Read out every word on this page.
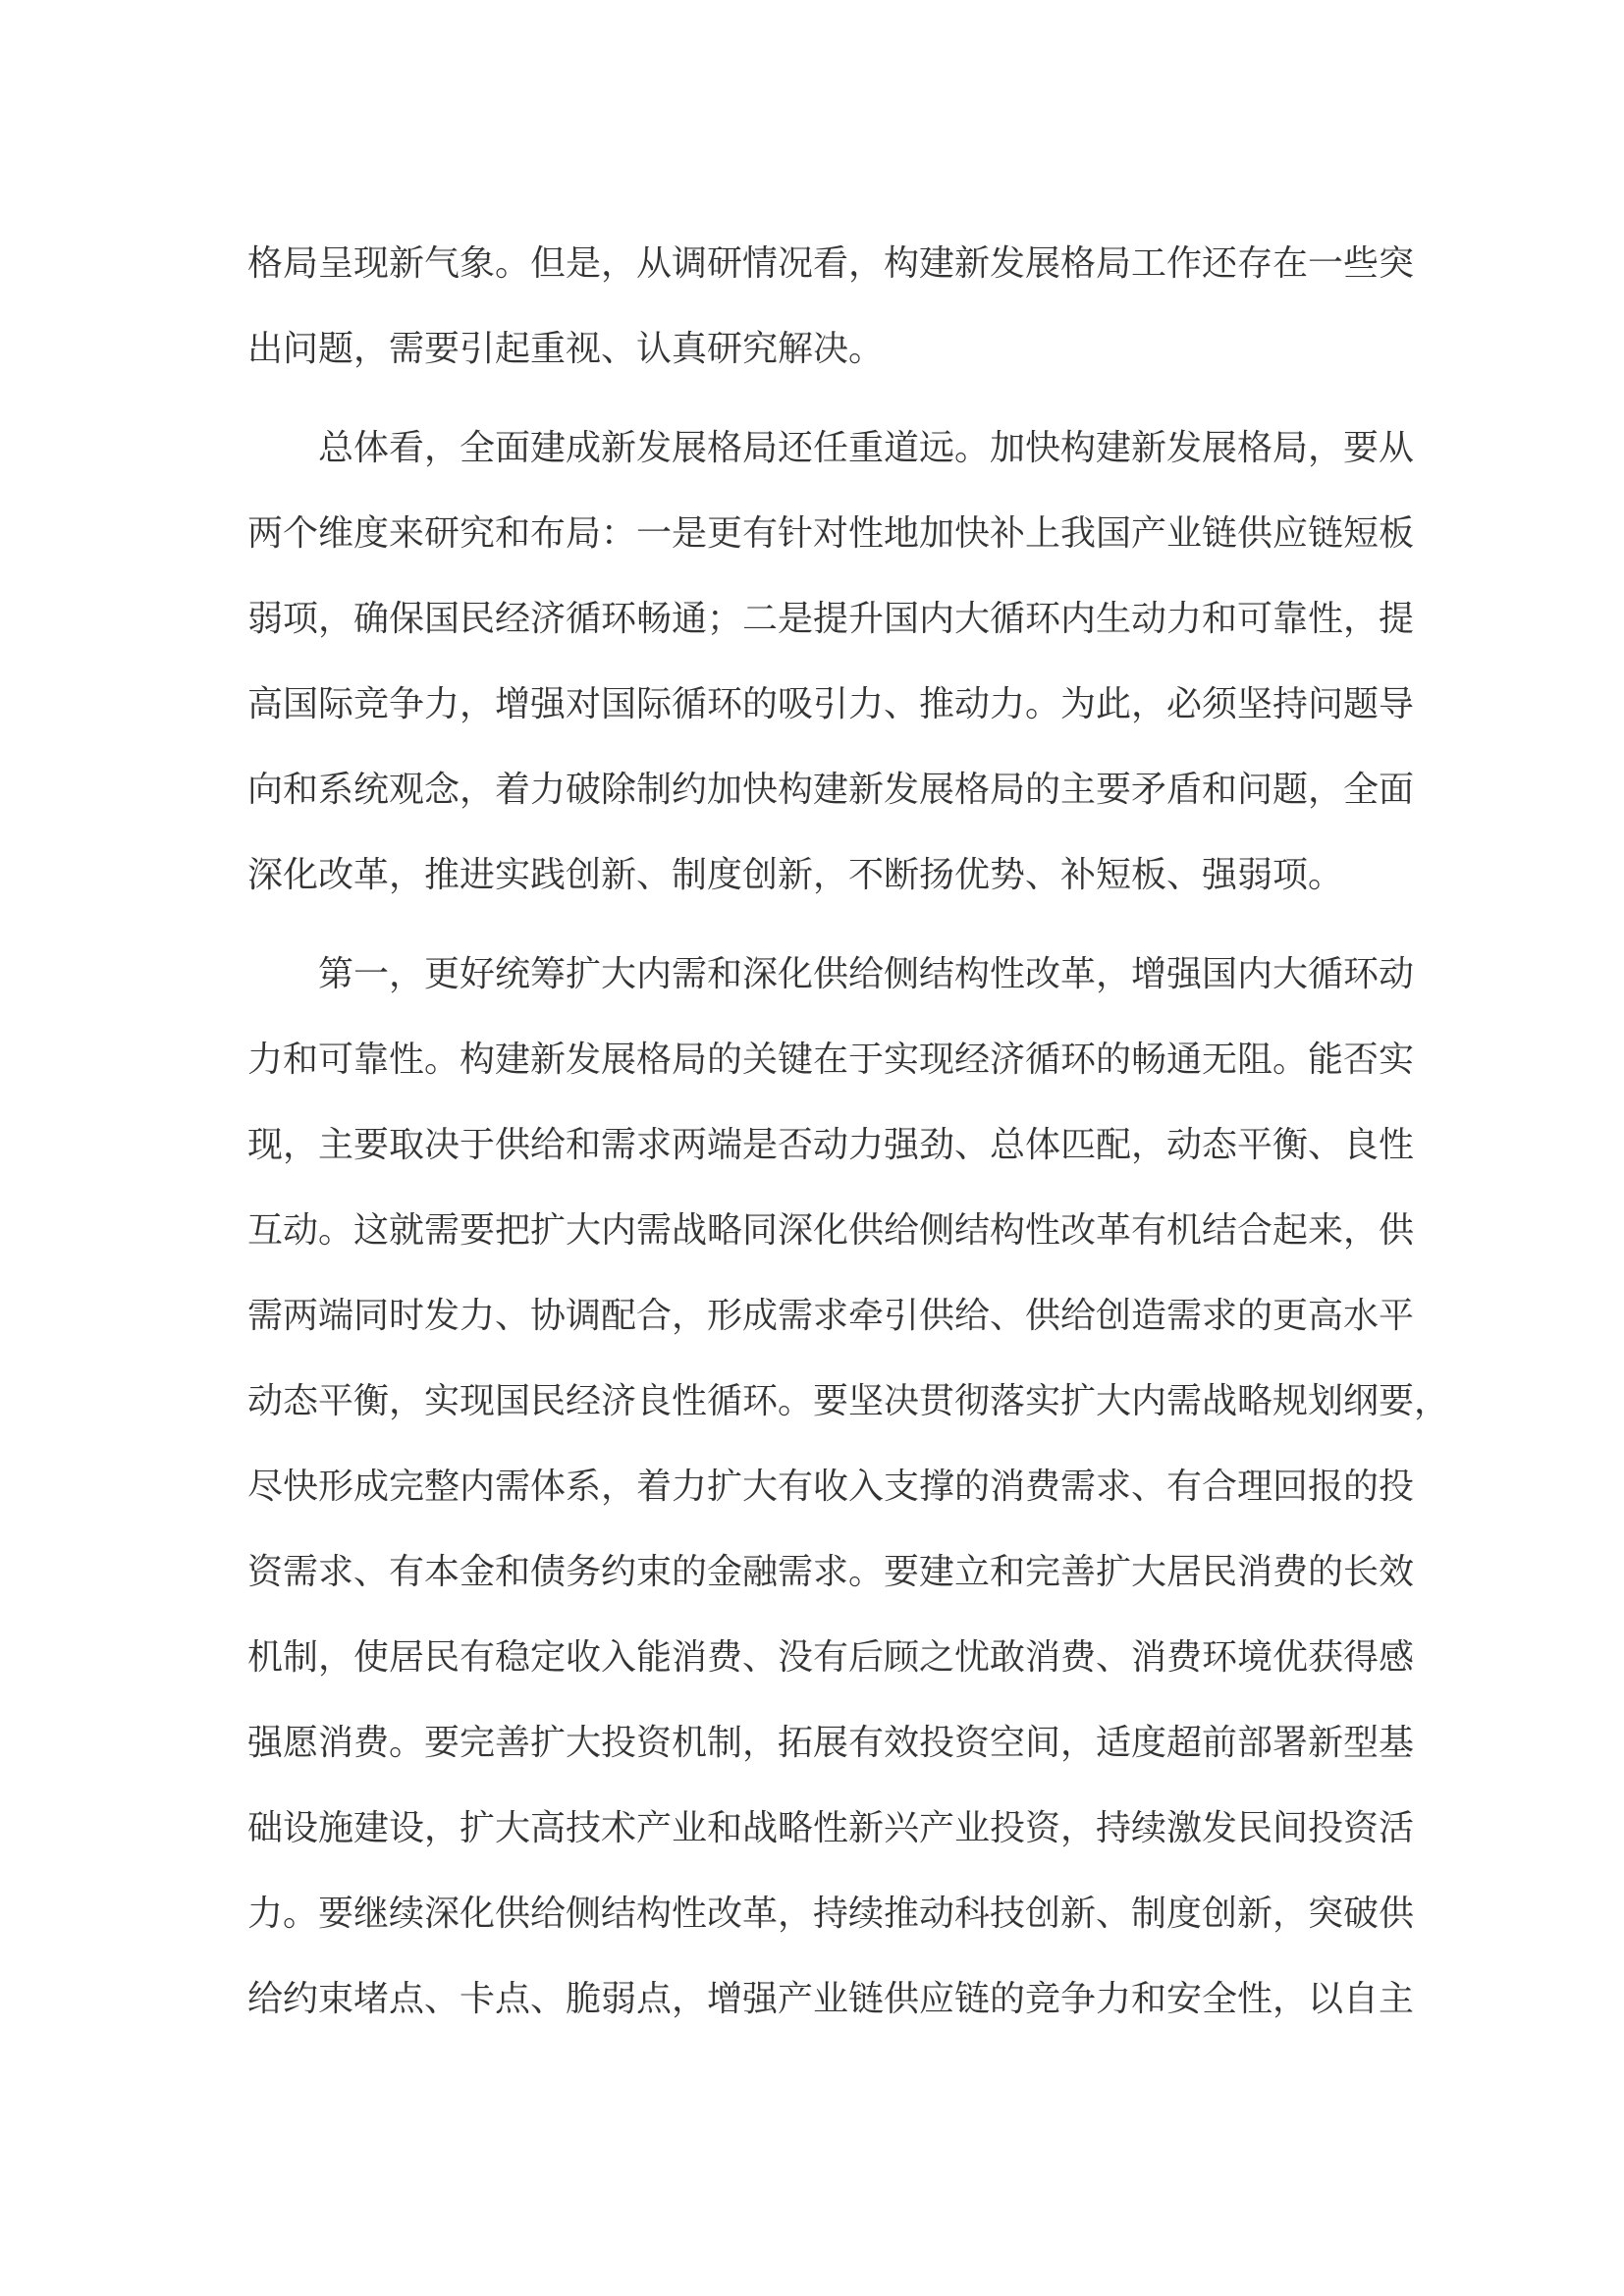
格局呈现新气象。但是，从调研情况看，构建新发展格局工作还存在一些突
出问题，需要引起重视、认真研究解决。
总体看，全面建成新发展格局还任重道远。加快构建新发展格局，要从
两个维度来研究和布局：一是更有针对性地加快补上我国产业链供应链短板
弱项，确保国民经济循环畅通；二是提升国内大循环内生动力和可靠性，提
高国际竞争力，增强对国际循环的吸引力、推动力。为此，必须坚持问题导
向和系统观念，着力破除制约加快构建新发展格局的主要矛盾和问题，全面
深化改革，推进实践创新、制度创新，不断扬优势、补短板、强弱项。
第一，更好统筹扩大内需和深化供给侧结构性改革，增强国内大循环动
力和可靠性。构建新发展格局的关键在于实现经济循环的畅通无阻。能否实
现，主要取决于供给和需求两端是否动力强劲、总体匹配，动态平衡、良性
互动。这就需要把扩大内需战略同深化供给侧结构性改革有机结合起来，供
需两端同时发力、协调配合，形成需求牵引供给、供给创造需求的更高水平
动态平衡，实现国民经济良性循环。要坚决贯彻落实扩大内需战略规划纲要，
尽快形成完整内需体系，着力扩大有收入支撑的消费需求、有合理回报的投
资需求、有本金和债务约束的金融需求。要建立和完善扩大居民消费的长效
机制，使居民有稳定收入能消费、没有后顾之忧敢消费、消费环境优获得感
强愿消费。要完善扩大投资机制，拓展有效投资空间，适度超前部署新型基
础设施建设，扩大高技术产业和战略性新兴产业投资，持续激发民间投资活
力。要继续深化供给侧结构性改革，持续推动科技创新、制度创新，突破供
给约束堵点、卡点、脆弱点，增强产业链供应链的竞争力和安全性，以自主
